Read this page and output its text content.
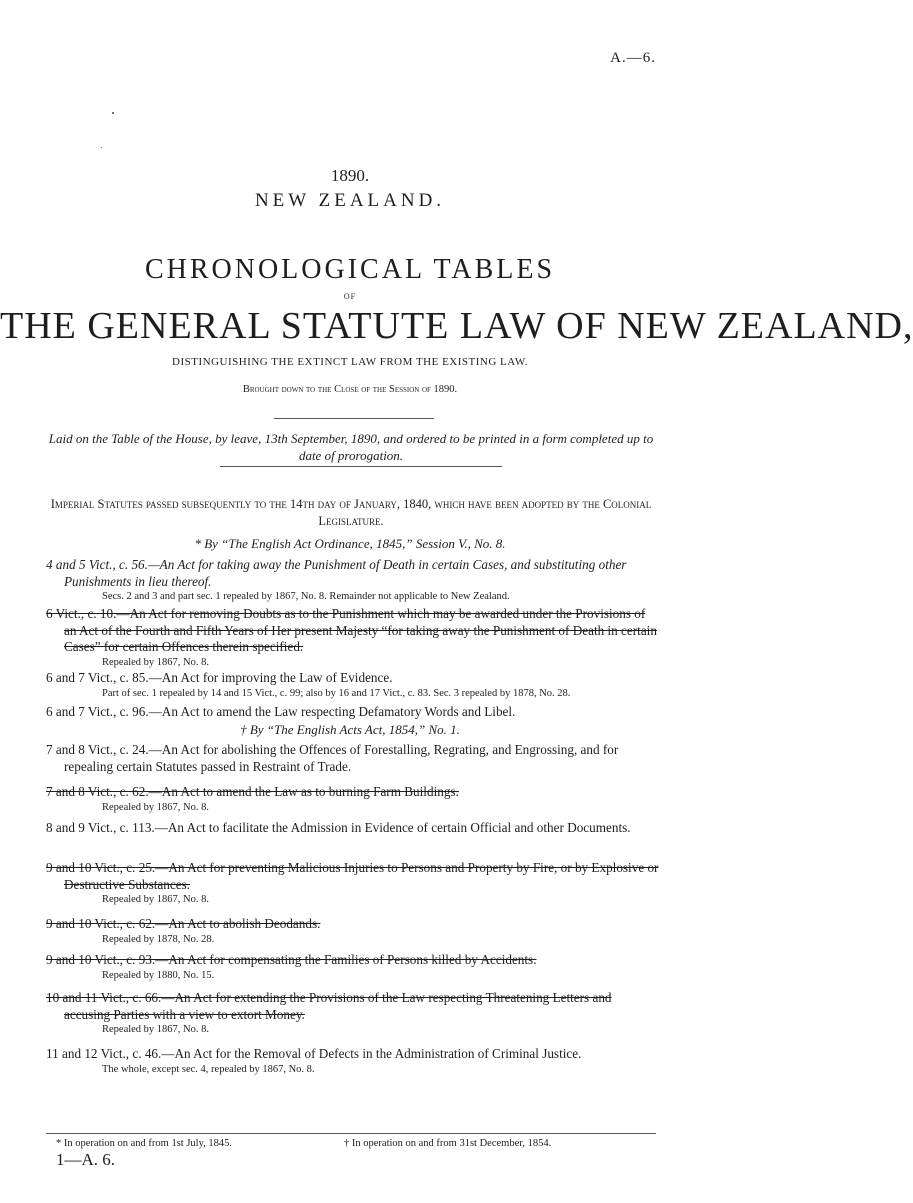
A.—6.
1890.
NEW ZEALAND.
CHRONOLOGICAL TABLES
OF
THE GENERAL STATUTE LAW OF NEW ZEALAND,
DISTINGUISHING THE EXTINCT LAW FROM THE EXISTING LAW.
Brought down to the Close of the Session of 1890.
Laid on the Table of the House, by leave, 13th September, 1890, and ordered to be printed in a form completed up to date of prorogation.
Imperial Statutes passed subsequently to the 14th day of January, 1840, which have been adopted by the Colonial Legislature.
* By “The English Act Ordinance, 1845,” Session V., No. 8.
4 and 5 Vict., c. 56.—An Act for taking away the Punishment of Death in certain Cases, and substituting other Punishments in lieu thereof.
Secs. 2 and 3 and part sec. 1 repealed by 1867, No. 8. Remainder not applicable to New Zealand.
6 Vict., c. 10.—An Act for removing Doubts as to the Punishment which may be awarded under the Provisions of an Act of the Fourth and Fifth Years of Her present Majesty “for taking away the Punishment of Death in certain Cases” for certain Offences therein specified.
Repealed by 1867, No. 8.
6 and 7 Vict., c. 85.—An Act for improving the Law of Evidence.
Part of sec. 1 repealed by 14 and 15 Vict., c. 99; also by 16 and 17 Vict., c. 83. Sec. 3 repealed by 1878, No. 28.
6 and 7 Vict., c. 96.—An Act to amend the Law respecting Defamatory Words and Libel.
† By “The English Acts Act, 1854,” No. 1.
7 and 8 Vict., c. 24.—An Act for abolishing the Offences of Forestalling, Regrating, and Engrossing, and for repealing certain Statutes passed in Restraint of Trade.
7 and 8 Vict., c. 62.—An Act to amend the Law as to burning Farm Buildings.
Repealed by 1867, No. 8.
8 and 9 Vict., c. 113.—An Act to facilitate the Admission in Evidence of certain Official and other Documents.
9 and 10 Vict., c. 25.—An Act for preventing Malicious Injuries to Persons and Property by Fire, or by Explosive or Destructive Substances.
Repealed by 1867, No. 8.
9 and 10 Vict., c. 62.—An Act to abolish Deodands.
Repealed by 1878, No. 28.
9 and 10 Vict., c. 93.—An Act for compensating the Families of Persons killed by Accidents.
Repealed by 1880, No. 15.
10 and 11 Vict., c. 66.—An Act for extending the Provisions of the Law respecting Threatening Letters and accusing Parties with a view to extort Money.
Repealed by 1867, No. 8.
11 and 12 Vict., c. 46.—An Act for the Removal of Defects in the Administration of Criminal Justice.
The whole, except sec. 4, repealed by 1867, No. 8.
* In operation on and from 1st July, 1845.	† In operation on and from 31st December, 1854.
1—A. 6.
